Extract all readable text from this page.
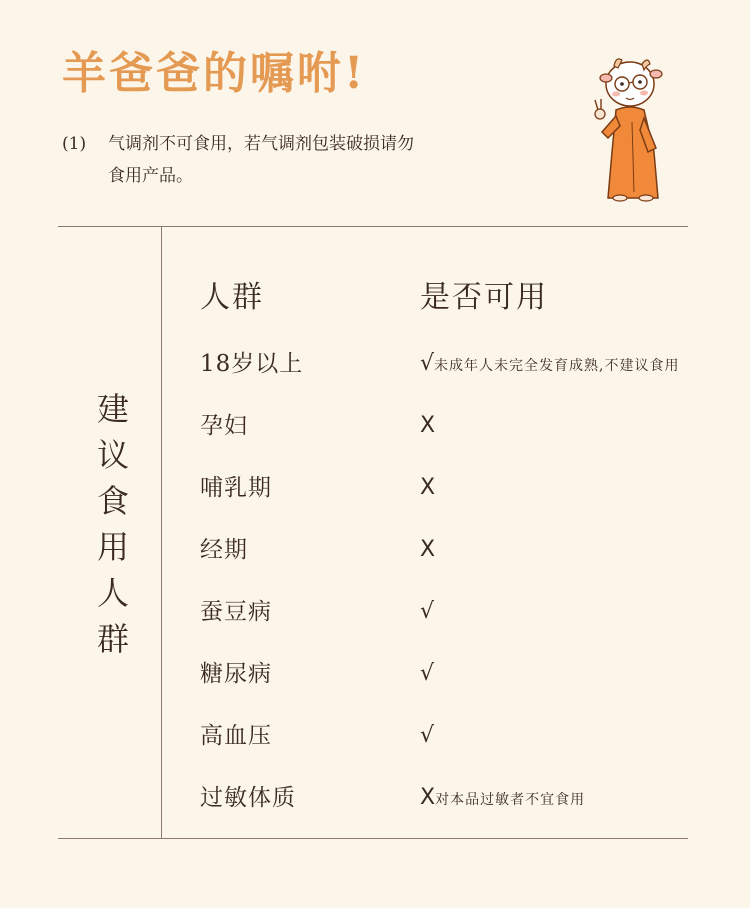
羊爸爸的嘱咐!
(1) 气调剂不可食用，若气调剂包装破损请勿
食用产品。
建
议
食
用
人
群
人群	是否可用
18岁以上	√未成年人未完全发育成熟,不建议食用
孕妇	X
哺乳期	X
经期	X
蚕豆病	√
糖尿病	√
高血压	√
过敏体质	X对本品过敏者不宜食用
